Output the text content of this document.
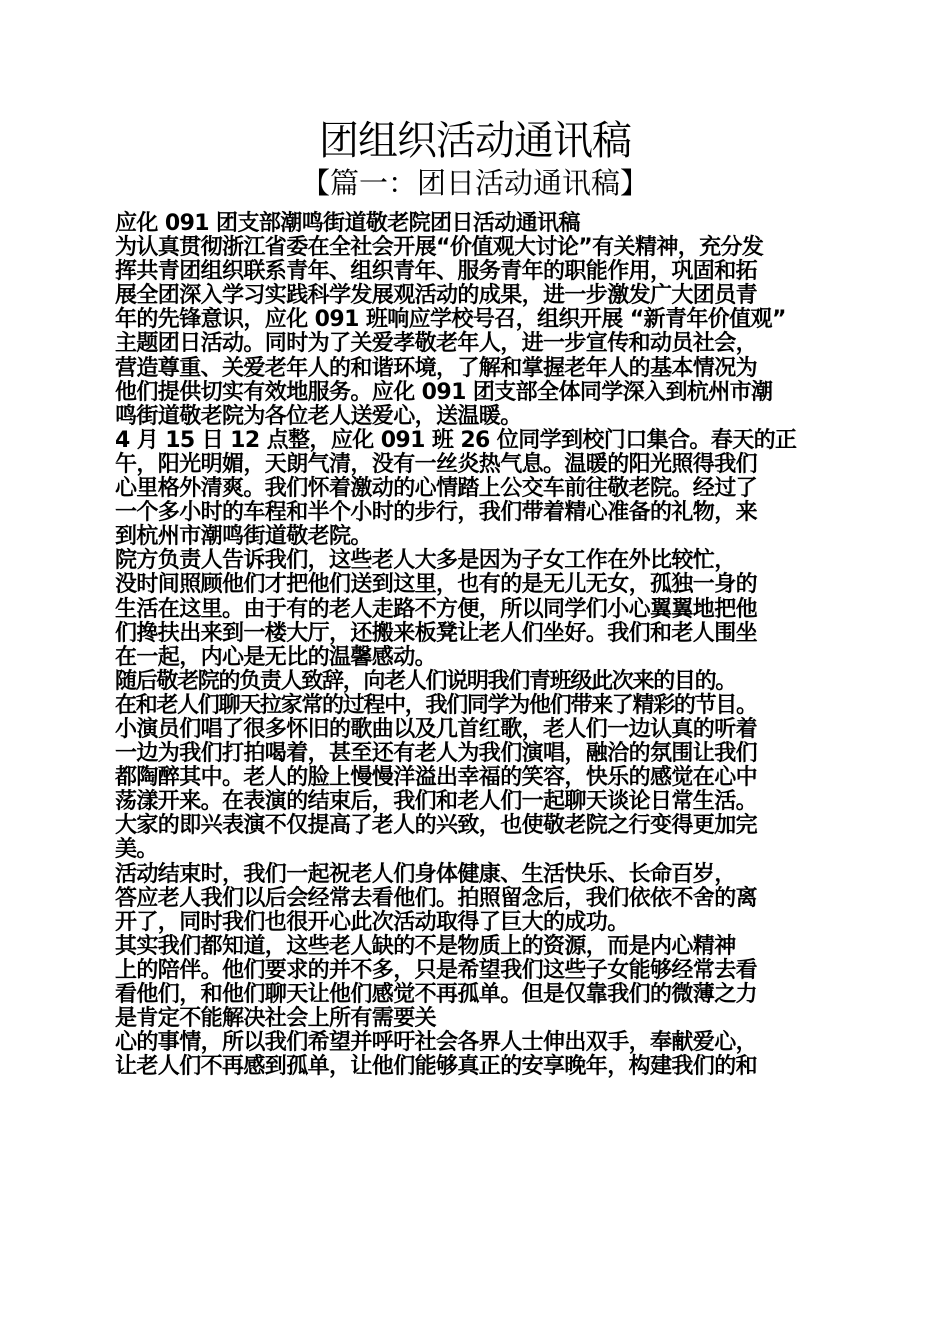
团组织活动通讯稿
【篇一：团日活动通讯稿】
应化 091 团支部潮鸣街道敬老院团日活动通讯稿
为认真贯彻浙江省委在全社会开展“价值观大讨论”有关精神，充分发
挥共青团组织联系青年、组织青年、服务青年的职能作用，巩固和拓
展全团深入学习实践科学发展观活动的成果，进一步激发广大团员青
年的先锋意识，应化 091 班响应学校号召，组织开展 “新青年价值观”
主题团日活动。同时为了关爱孝敬老年人，进一步宣传和动员社会，
营造尊重、关爱老年人的和谐环境，了解和掌握老年人的基本情况为
他们提供切实有效地服务。应化 091 团支部全体同学深入到杭州市潮
鸣街道敬老院为各位老人送爱心，送温暖。
4 月 15 日 12 点整，应化 091 班 26 位同学到校门口集合。春天的正
午，阳光明媚，天朗气清，没有一丝炎热气息。温暖的阳光照得我们
心里格外清爽。我们怀着激动的心情踏上公交车前往敬老院。经过了
一个多小时的车程和半个小时的步行，我们带着精心准备的礼物，来
到杭州市潮鸣街道敬老院。
院方负责人告诉我们，这些老人大多是因为子女工作在外比较忙，
没时间照顾他们才把他们送到这里，也有的是无儿无女，孤独一身的
生活在这里。由于有的老人走路不方便，所以同学们小心翼翼地把他
们搀扶出来到一楼大厅，还搬来板凳让老人们坐好。我们和老人围坐
在一起，内心是无比的温馨感动。
随后敬老院的负责人致辞，向老人们说明我们青班级此次来的目的。
在和老人们聊天拉家常的过程中，我们同学为他们带来了精彩的节目。
小演员们唱了很多怀旧的歌曲以及几首红歌，老人们一边认真的听着
一边为我们打拍喝着，甚至还有老人为我们演唱，融洽的氛围让我们
都陶醉其中。老人的脸上慢慢洋溢出幸福的笑容，快乐的感觉在心中
荡漾开来。在表演的结束后，我们和老人们一起聊天谈论日常生活。
大家的即兴表演不仅提高了老人的兴致，也使敬老院之行变得更加完
美。
活动结束时，我们一起祝老人们身体健康、生活快乐、长命百岁，
答应老人我们以后会经常去看他们。拍照留念后，我们依依不舍的离
开了，同时我们也很开心此次活动取得了巨大的成功。
其实我们都知道，这些老人缺的不是物质上的资源，而是内心精神
上的陪伴。他们要求的并不多，只是希望我们这些子女能够经常去看
看他们，和他们聊天让他们感觉不再孤单。但是仅靠我们的微薄之力
是肯定不能解决社会上所有需要关
心的事情，所以我们希望并呼吁社会各界人士伸出双手，奉献爱心，
让老人们不再感到孤单，让他们能够真正的安享晚年，构建我们的和
